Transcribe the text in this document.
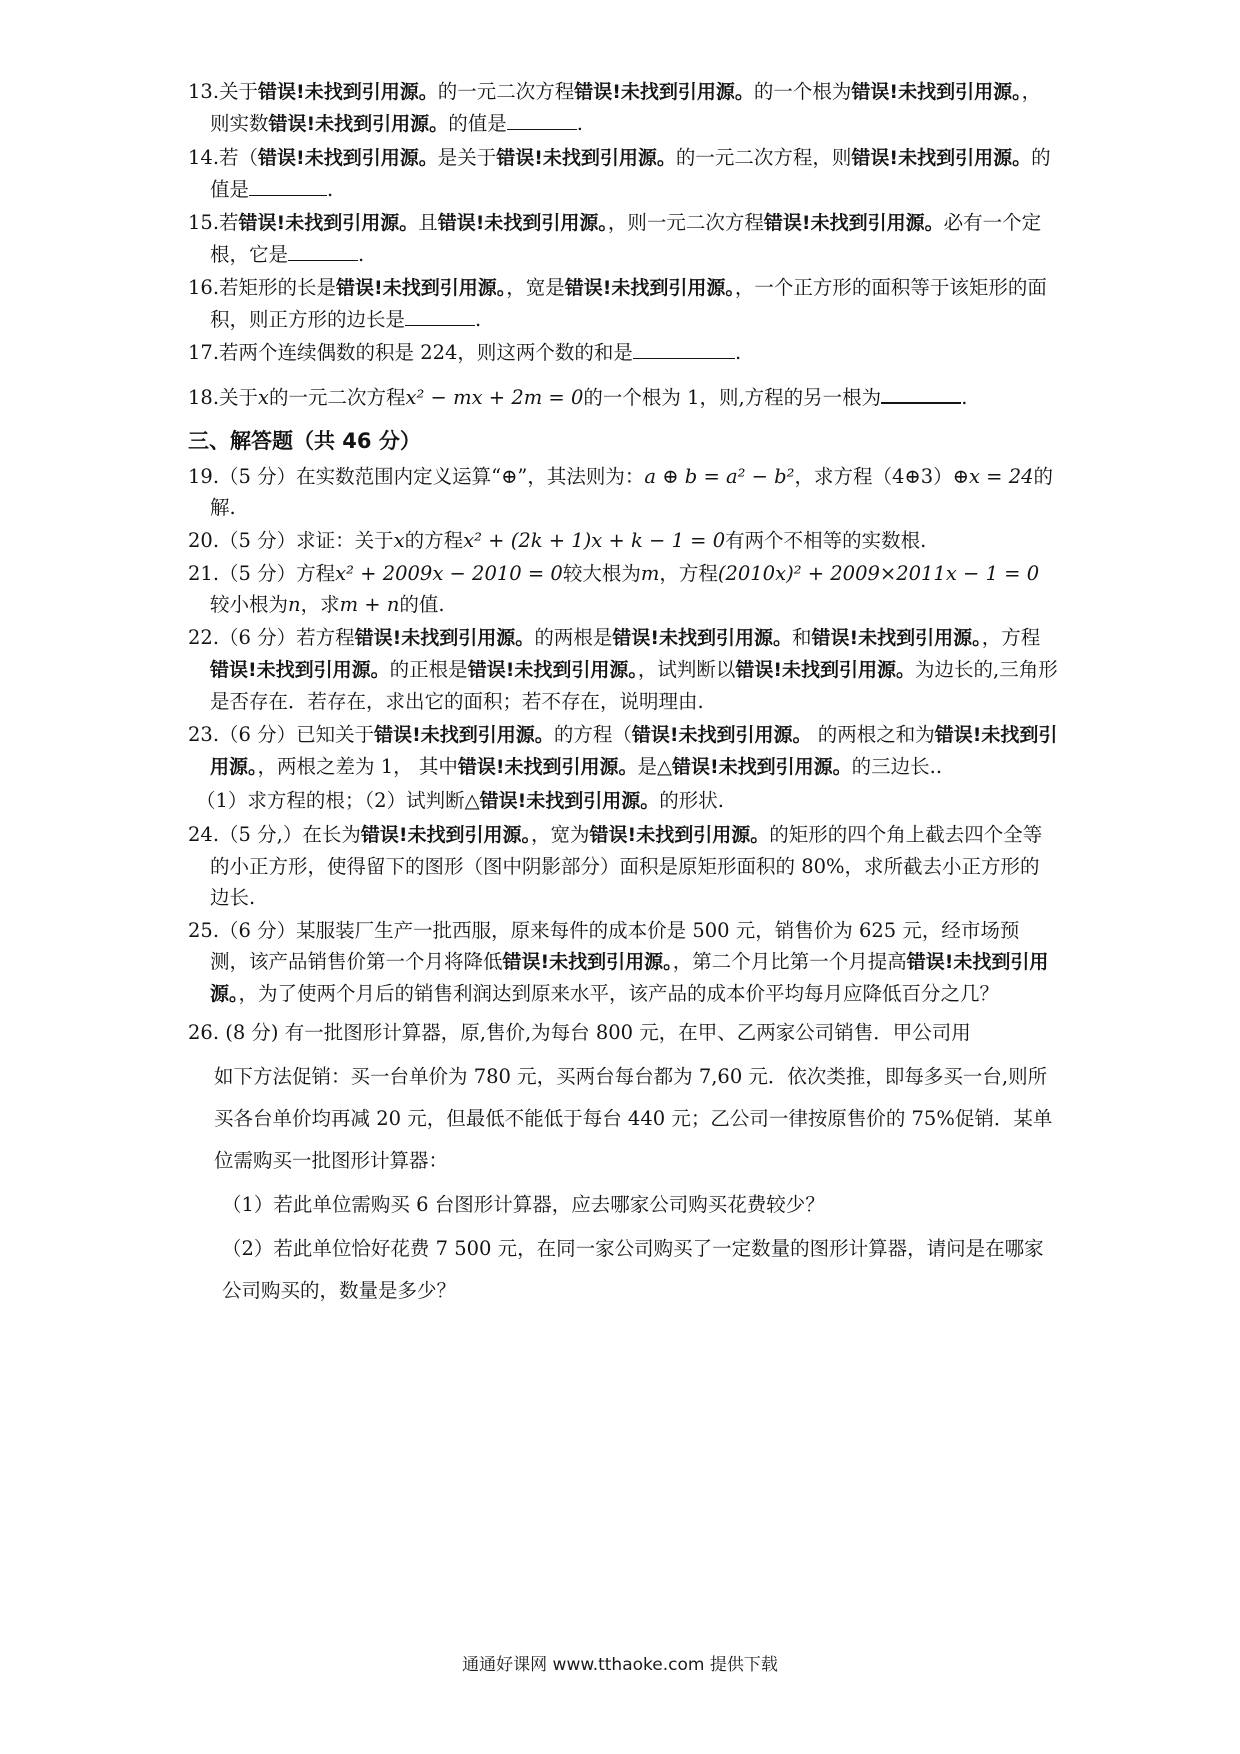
13.关于错误!未找到引用源。的一元二次方程错误!未找到引用源。的一个根为错误!未找到引用源。，则实数错误!未找到引用源。的值是	.

14.若（错误!未找到引用源。是关于错误!未找到引用源。的一元二次方程，则错误!未找到引用源。的值是	.

15.若错误!未找到引用源。且错误!未找到引用源。，则一元二次方程错误!未找到引用源。必有一个定根，它是	.

16.若矩形的长是错误!未找到引用源。，宽是错误!未找到引用源。，一个正方形的面积等于该矩形的面积，则正方形的边长是	.

17.若两个连续偶数的积是 224，则这两个数的和是	.

18.关于x的一元二次方程x² − mx + 2m = 0的一个根为 1，则,方程的另一根为	.

三、解答题（共 46 分）

19.（5 分）在实数范围内定义运算“⊕”，其法则为：a ⊕ b = a² − b²，求方程（4⊕3）⊕x = 24的解.

20.（5 分）求证：关于x的方程x² + (2k + 1)x + k − 1 = 0有两个不相等的实数根.

21.（5 分）方程x² + 2009x − 2010 = 0较大根为m，方程(2010x)² + 2009×2011x − 1 = 0较小根为n，求m + n的值.

22.（6 分）若方程错误!未找到引用源。的两根是错误!未找到引用源。和错误!未找到引用源。，方程错误!未找到引用源。的正根是错误!未找到引用源。，试判断以错误!未找到引用源。为边长的,三角形是否存在．若存在，求出它的面积；若不存在，说明理由.

23.（6 分）已知关于错误!未找到引用源。的方程（错误!未找到引用源。 的两根之和为错误!未找到引用源。，两根之差为 1， 其中错误!未找到引用源。是△错误!未找到引用源。的三边长..

（1）求方程的根；（2）试判断△错误!未找到引用源。的形状.

24.（5 分,）在长为错误!未找到引用源。，宽为错误!未找到引用源。的矩形的四个角上截去四个全等的小正方形，使得留下的图形（图中阴影部分）面积是原矩形面积的 80%，求所截去小正方形的边长.

25.（6 分）某服装厂生产一批西服，原来每件的成本价是 500 元，销售价为 625 元，经市场预测，该产品销售价第一个月将降低错误!未找到引用源。，第二个月比第一个月提高错误!未找到引用源。，为了使两个月后的销售利润达到原来水平，该产品的成本价平均每月应降低百分之几？

26. (8 分) 有一批图形计算器，原,售价,为每台 800 元，在甲、乙两家公司销售．甲公司用

如下方法促销：买一台单价为 780 元，买两台每台都为 7,60 元．依次类推，即每多买一台,则所买各台单价均再减 20 元，但最低不能低于每台 440 元；乙公司一律按原售价的 75%促销．某单位需购买一批图形计算器：

（1）若此单位需购买 6 台图形计算器，应去哪家公司购买花费较少？

（2）若此单位恰好花费 7 500 元，在同一家公司购买了一定数量的图形计算器，请问是在哪家公司购买的，数量是多少？

通通好课网 www.tthaoke.com 提供下载
